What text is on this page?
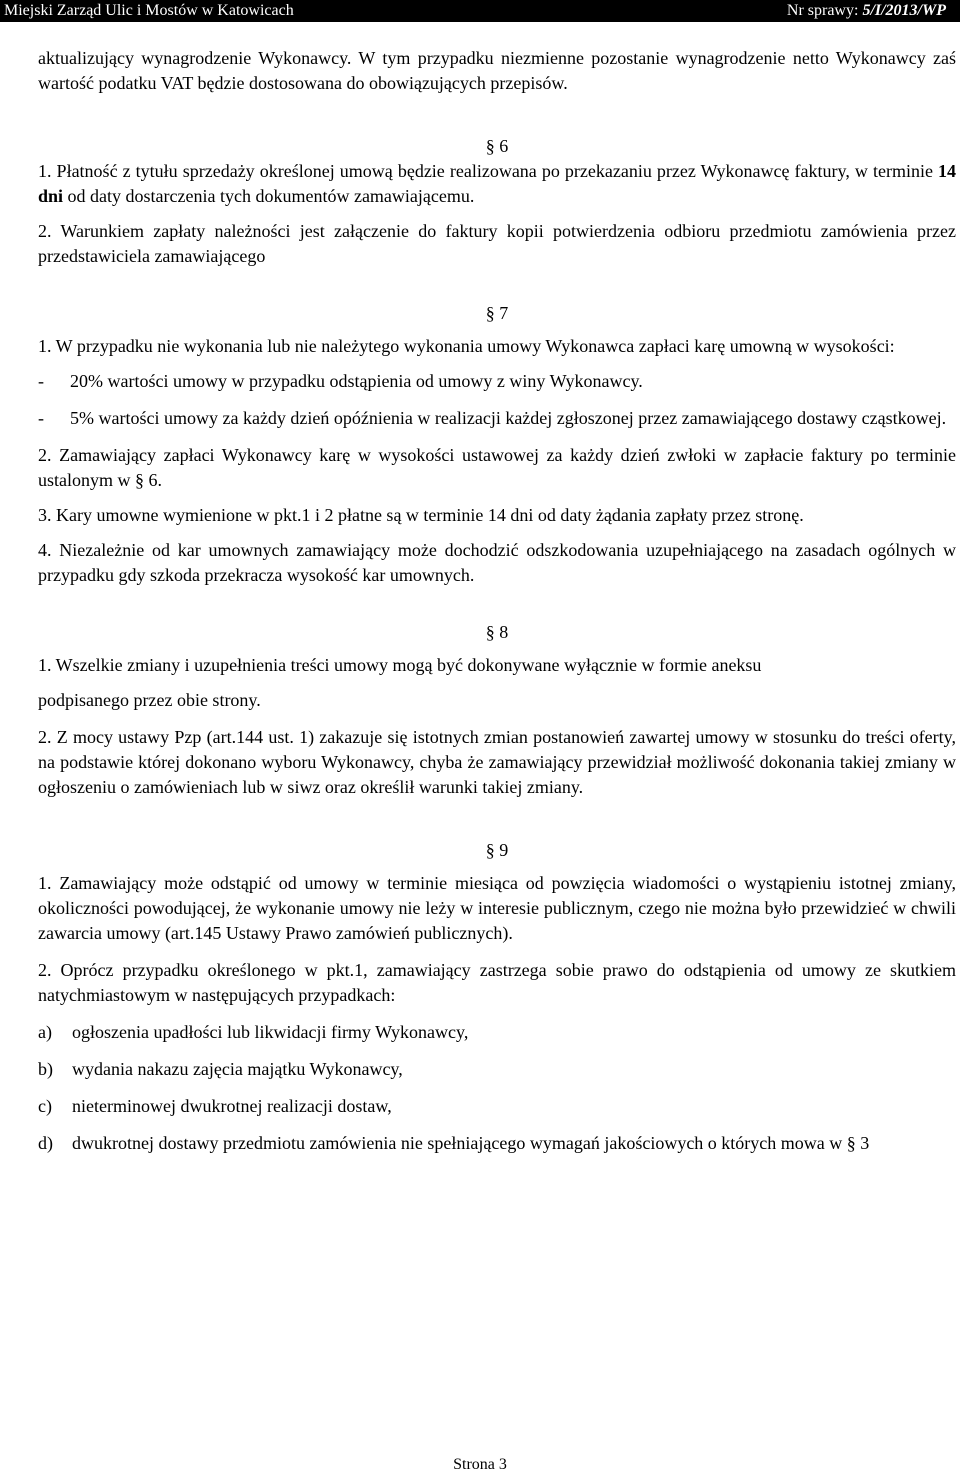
Miejski Zarząd Ulic i Mostów w Katowicach	Nr sprawy: 5/I/2013/WP

aktualizujący wynagrodzenie Wykonawcy. W tym przypadku niezmienne pozostanie wynagrodzenie netto Wykonawcy zaś wartość podatku VAT będzie dostosowana do obowiązujących przepisów.

§ 6

1. Płatność z tytułu sprzedaży określonej umową będzie realizowana po przekazaniu przez Wykonawcę faktury, w terminie 14 dni od daty dostarczenia tych dokumentów zamawiającemu.

2. Warunkiem zapłaty należności jest załączenie do faktury kopii potwierdzenia odbioru przedmiotu zamówienia przez przedstawiciela zamawiającego

§ 7

1. W przypadku nie wykonania lub nie należytego wykonania umowy Wykonawca zapłaci karę umowną w wysokości:

- 20% wartości umowy w przypadku odstąpienia od umowy z winy Wykonawcy.
- 5% wartości umowy za każdy dzień opóźnienia w realizacji każdej zgłoszonej przez zamawiającego dostawy cząstkowej.

2. Zamawiający zapłaci Wykonawcy karę w wysokości ustawowej za każdy dzień zwłoki w zapłacie faktury po terminie ustalonym w § 6.

3. Kary umowne wymienione w pkt.1 i 2 płatne są w terminie 14 dni od daty żądania zapłaty przez stronę.

4. Niezależnie od kar umownych zamawiający może dochodzić odszkodowania uzupełniającego na zasadach ogólnych w przypadku gdy szkoda przekracza wysokość kar umownych.

§ 8

1. Wszelkie zmiany i uzupełnienia treści umowy mogą być dokonywane wyłącznie w formie aneksu

podpisanego przez obie strony.

2. Z mocy ustawy Pzp (art.144 ust. 1) zakazuje się istotnych zmian postanowień zawartej umowy w stosunku do treści oferty, na podstawie której dokonano wyboru Wykonawcy, chyba że zamawiający przewidział możliwość dokonania takiej zmiany w ogłoszeniu o zamówieniach lub w siwz oraz określił warunki takiej zmiany.

§ 9

1. Zamawiający może odstąpić od umowy w terminie miesiąca od powzięcia wiadomości o wystąpieniu istotnej zmiany, okoliczności powodującej, że wykonanie umowy nie leży w interesie publicznym, czego nie można było przewidzieć w chwili zawarcia umowy (art.145 Ustawy Prawo zamówień publicznych).

2. Oprócz przypadku określonego w pkt.1, zamawiający zastrzega sobie prawo do odstąpienia od umowy ze skutkiem natychmiastowym w następujących przypadkach:

a) ogłoszenia upadłości lub likwidacji firmy Wykonawcy,
b) wydania nakazu zajęcia majątku Wykonawcy,
c) nieterminowej dwukrotnej realizacji dostaw,
d) dwukrotnej dostawy przedmiotu zamówienia nie spełniającego wymagań jakościowych o których mowa w § 3
Strona 3
